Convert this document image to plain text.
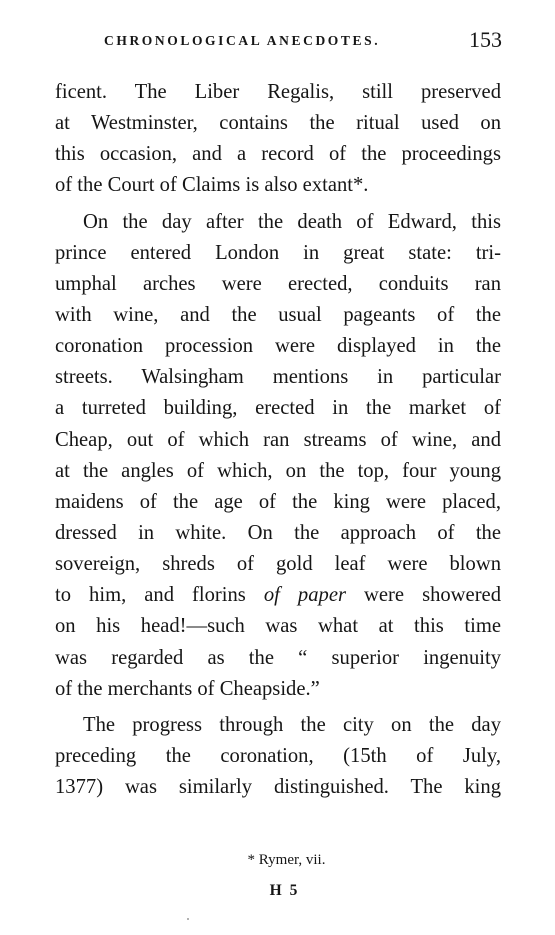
CHRONOLOGICAL ANECDOTES.	153
ficent. The Liber Regalis, still preserved
at Westminster, contains the ritual used on
this occasion, and a record of the proceedings
of the Court of Claims is also extant*.
On the day after the death of Edward, this
prince entered London in great state: tri-
umphal arches were erected, conduits ran
with wine, and the usual pageants of the
coronation procession were displayed in the
streets. Walsingham mentions in particular
a turreted building, erected in the market of
Cheap, out of which ran streams of wine, and
at the angles of which, on the top, four young
maidens of the age of the king were placed,
dressed in white. On the approach of the
sovereign, shreds of gold leaf were blown
to him, and florins of paper were showered
on his head!—such was what at this time
was regarded as the “ superior ingenuity
of the merchants of Cheapside.”
The progress through the city on the day
preceding the coronation, (15th of July,
1377) was similarly distinguished. The king
* Rymer, vii.
H 5
